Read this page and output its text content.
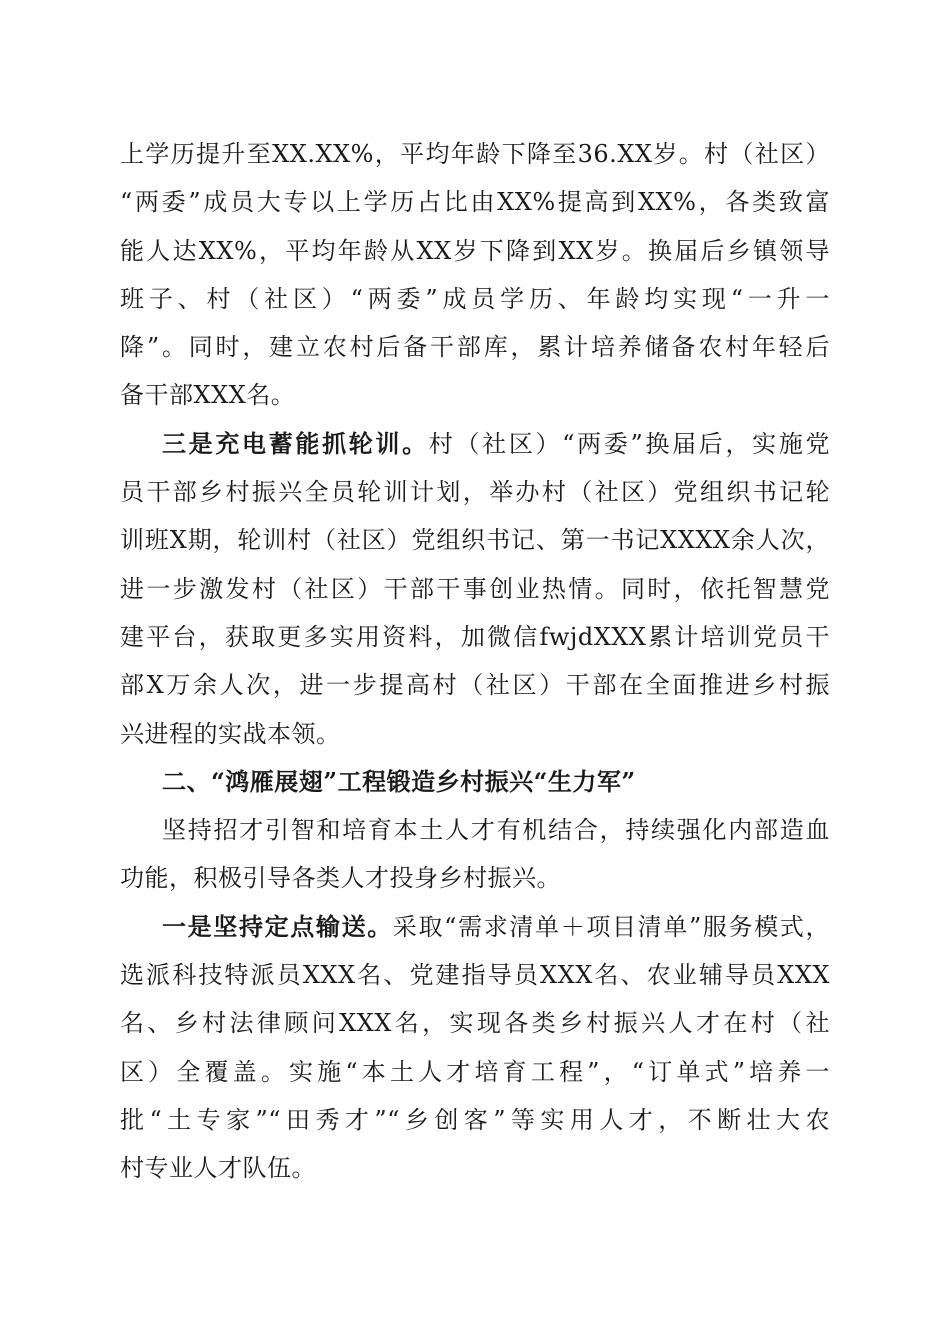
上学历提升至XX.XX%，平均年龄下降至36.XX岁。村（社区）
“两委”成员大专以上学历占比由XX%提高到XX%，各类致富
能人达XX%，平均年龄从XX岁下降到XX岁。换届后乡镇领导
班子、村（社区）“两委”成员学历、年龄均实现“一升一
降”。同时，建立农村后备干部库，累计培养储备农村年轻后
备干部XXX名。
三是充电蓄能抓轮训。村（社区）“两委”换届后，实施党
员干部乡村振兴全员轮训计划，举办村（社区）党组织书记轮
训班X期，轮训村（社区）党组织书记、第一书记XXXX余人次，
进一步激发村（社区）干部干事创业热情。同时，依托智慧党
建平台，获取更多实用资料，加微信fwjdXXX累计培训党员干
部X万余人次，进一步提高村（社区）干部在全面推进乡村振
兴进程的实战本领。
二、“鸿雁展翅”工程锻造乡村振兴“生力军”
坚持招才引智和培育本土人才有机结合，持续强化内部造血
功能，积极引导各类人才投身乡村振兴。
一是坚持定点输送。采取“需求清单＋项目清单”服务模式，
选派科技特派员XXX名、党建指导员XXX名、农业辅导员XXX
名、乡村法律顾问XXX名，实现各类乡村振兴人才在村（社
区）全覆盖。实施“本土人才培育工程”，“订单式”培养一
批“土专家”“田秀才”“乡创客”等实用人才，不断壮大农
村专业人才队伍。
